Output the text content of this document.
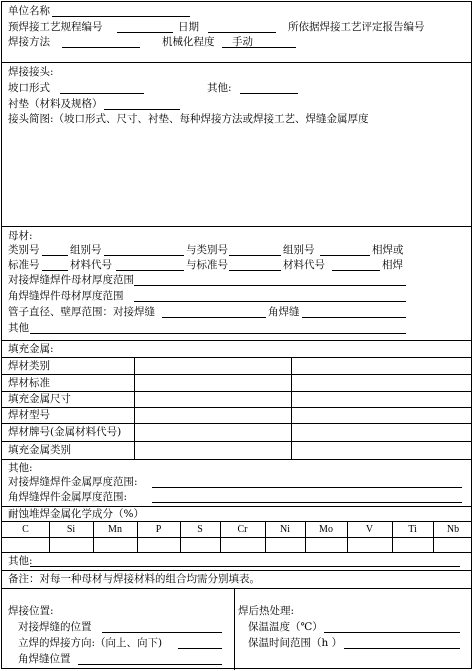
单位名称
预焊接工艺规程编号	日期	所依据焊接工艺评定报告编号
焊接方法	机械化程度 手动
焊接接头:
坡口形式	其他:
衬垫（材料及规格）
接头简图:（坡口形式、尺寸、衬垫、每种焊接方法或焊接工艺、焊缝金属厚度
母材:
类别号	组别号	与类别号	组别号	相焊或
标准号	材料代号	与标准号	材料代号	相焊
对接焊缝焊件母材厚度范围
角焊缝焊件母材厚度范围
管子直径、壁厚范围：对接焊缝	角焊缝
其他
填充金属:
焊材类别
焊材标准
填充金属尺寸
焊材型号
焊材牌号(金属材料代号)
填充金属类别
其他:
对接焊缝焊件金属厚度范围:
角焊缝焊件金属厚度范围:
耐蚀堆焊金属化学成分（%）
C	Si	Mn	P	S	Cr	Ni	Mo	V	Ti	Nb
其他:
备注：对每一种母材与焊接材料的组合均需分别填表。
焊接位置:
对接焊缝的位置
立焊的焊接方向:（向上、向下)
角焊缝位置
焊后热处理:
保温温度（℃）
保温时间范围（h ）
